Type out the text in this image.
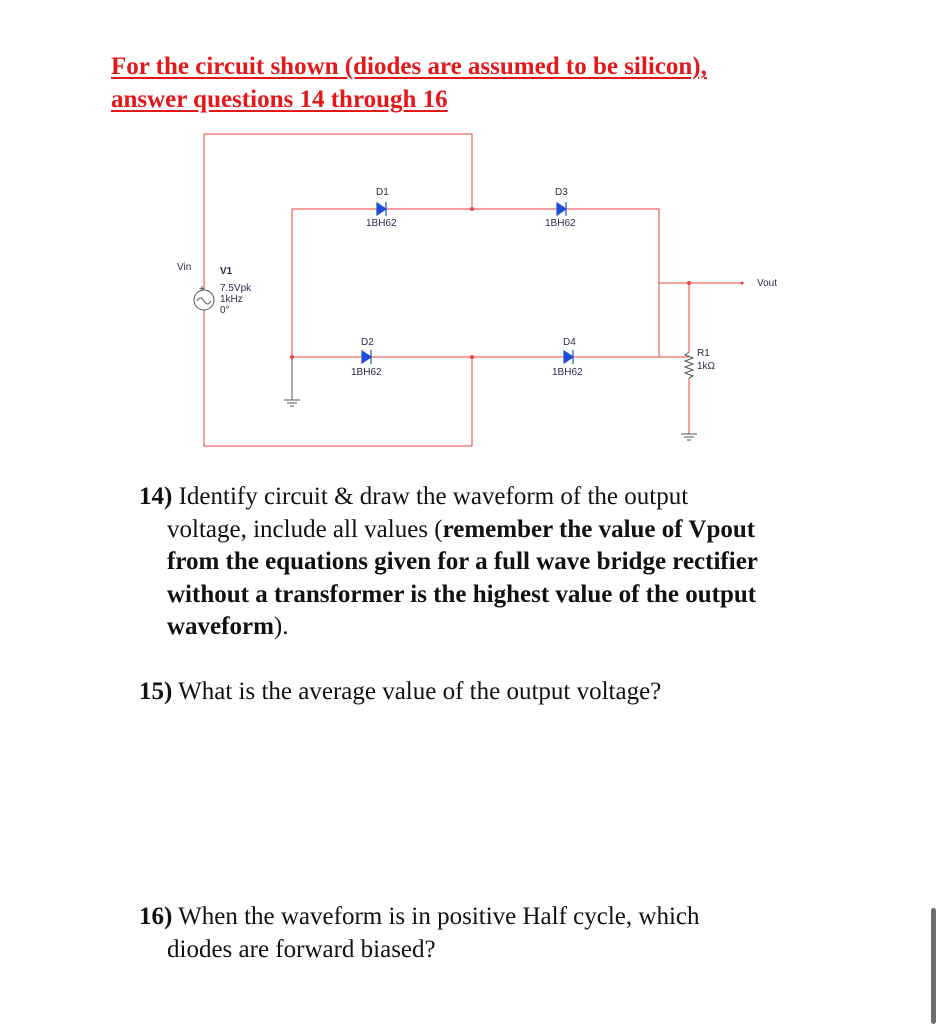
For the circuit shown (diodes are assumed to be silicon),
answer questions 14 through 16
+
Vin	V1
7.5Vpk
1kHz
0°
D1
1BH62
D3
1BH62
D2
1BH62
D4
1BH62
R1
1kΩ
Vout

14) Identify circuit & draw the waveform of the output
voltage, include all values (remember the value of Vpout
from the equations given for a full wave bridge rectifier
without a transformer is the highest value of the output
waveform).

15) What is the average value of the output voltage?

16) When the waveform is in positive Half cycle, which
diodes are forward biased?
